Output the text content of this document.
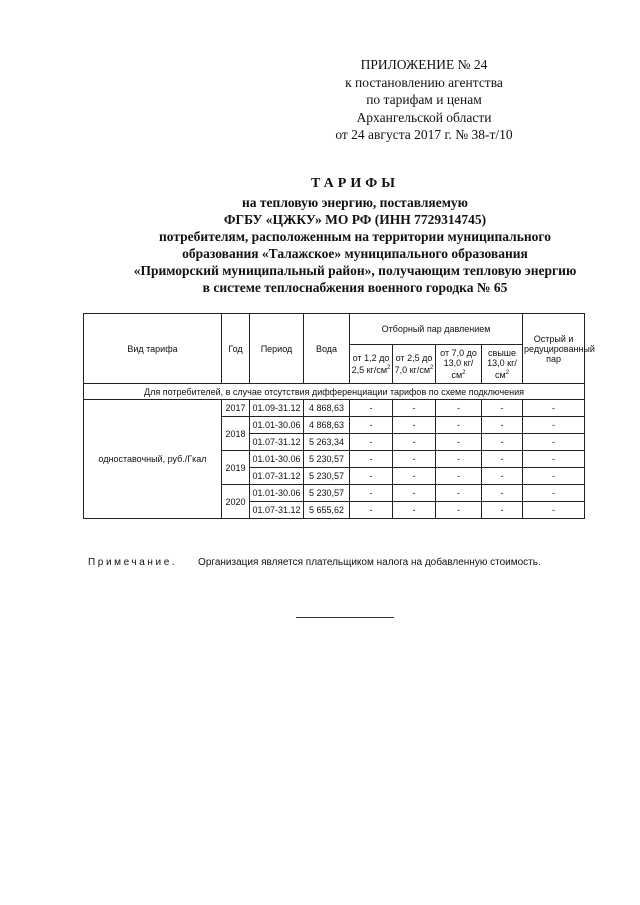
ПРИЛОЖЕНИЕ № 24
к постановлению агентства
по тарифам и ценам
Архангельской области
от 24 августа 2017 г. № 38-т/10
ТАРИФЫ
на тепловую энергию, поставляемую
ФГБУ «ЦЖКУ» МО РФ (ИНН 7729314745)
потребителям, расположенным на территории муниципального
образования «Талажское» муниципального образования
«Приморский муниципальный район», получающим тепловую энергию
в системе теплоснабжения военного городка № 65
Вид тарифа	Год	Период	Вода	Отборный пар давлением				Острый и редуцированный пар
				от 1,2 до 2,5 $кг/см^2$	от 2,5 до 7,0 $кг/см^2$	от 7,0 до 13,0 $кг/см^2$	свыше 13,0 $кг/см^2$
Для потребителей, в случае отсутствия дифференциации тарифов по схеме подключения								
одноставочный, руб./Гкал	2017	01.09-31.12	4 868,63	-	-	-	-	-
	2018	01.01-30.06	4 868,63	-	-	-	-	-
		01.07-31.12	5 263,34	-	-	-	-	-
	2019	01.01-30.06	5 230,57	-	-	-	-	-
		01.07-31.12	5 230,57	-	-	-	-	-
	2020	01.01-30.06	5 230,57	-	-	-	-	-
		01.07-31.12	5 655,62	-	-	-	-	-
Примечание. Организация является плательщиком налога на добавленную стоимость.
